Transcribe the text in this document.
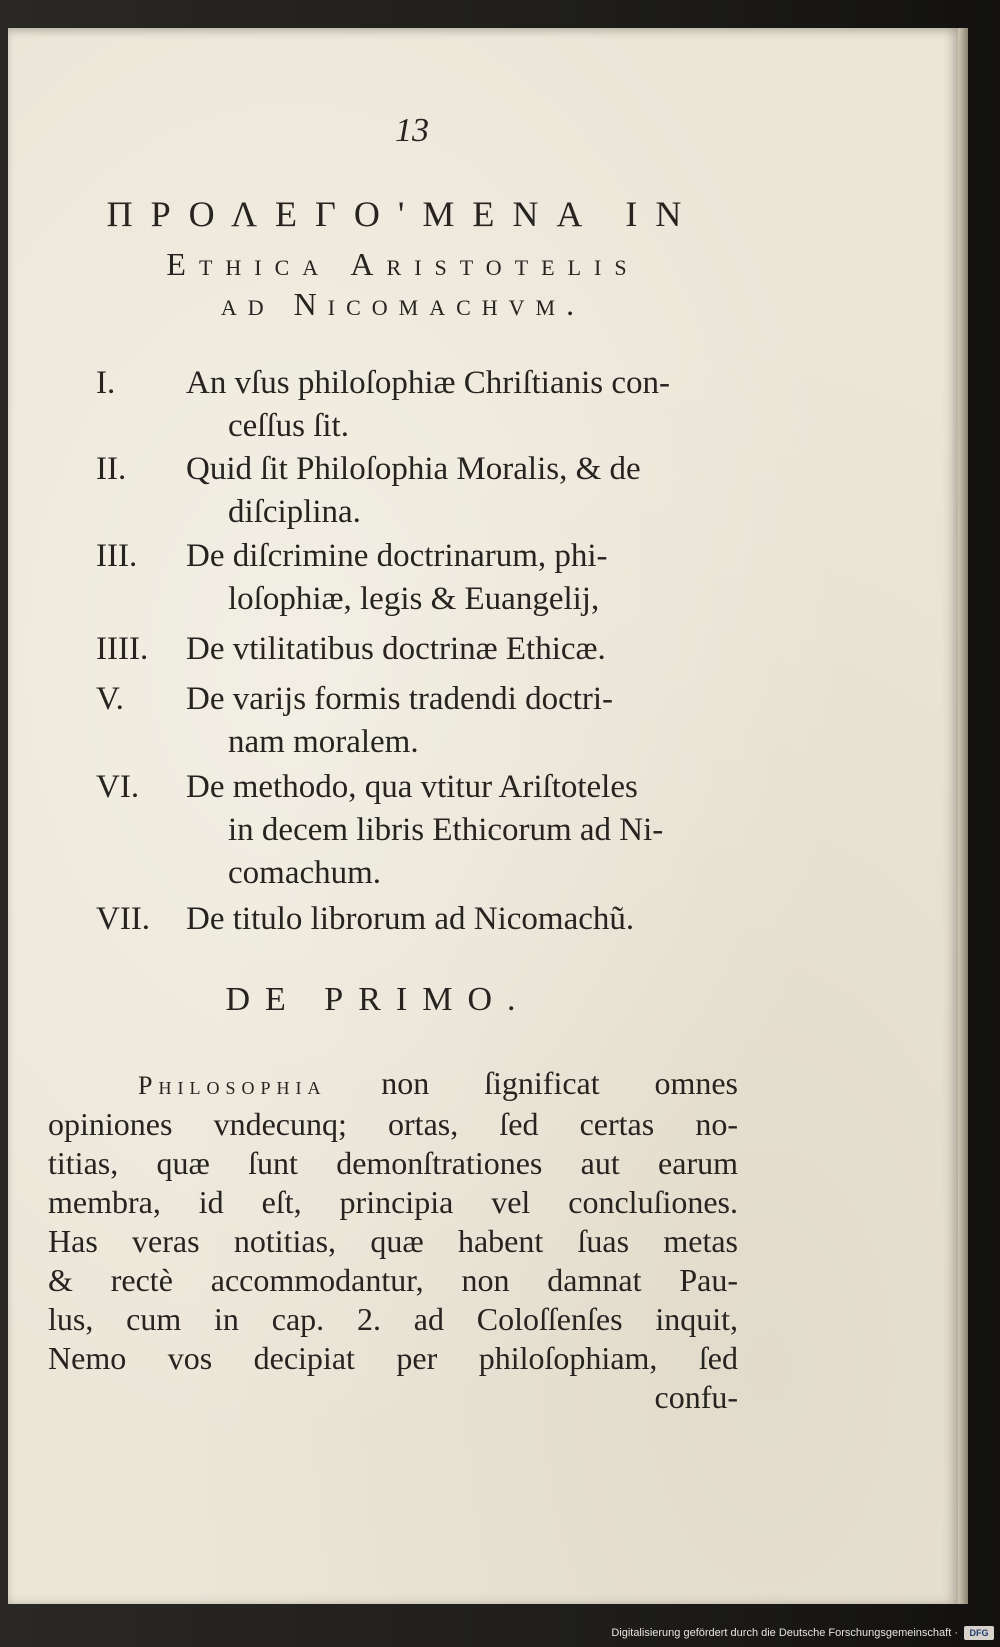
13
ΠΡΟΛΕΓΟ'ΜΕΝΑ IN
Ethica Aristotelis
ad Nicomachvm.
I.	An vſus philoſophiæ Chriſtianis con-
ceſſus ſit.
II.	Quid ſit Philoſophia Moralis, & de
diſciplina.
III.	De diſcrimine doctrinarum, phi-
loſophiæ, legis & Euangelij,
IIII.	De vtilitatibus doctrinæ Ethicæ.
V.	De varijs formis tradendi doctri-
nam moralem.
VI.	De methodo, qua vtitur Ariſtoteles
in decem libris Ethicorum ad Ni-
comachum.
VII.	De titulo librorum ad Nicomachũ.
DE PRIMO.
Philosophia non ſignificat omnes
opiniones vndecunq; ortas, ſed certas no-
titias, quæ ſunt demonſtrationes aut earum
membra, id eſt, principia vel concluſiones.
Has veras notitias, quæ habent ſuas metas
& rectè accommodantur, non damnat Pau-
lus, cum in cap. 2. ad Coloſſenſes inquit,
Nemo vos decipiat per philoſophiam, ſed
confu-
Digitalisierung gefördert durch die Deutsche Forschungsgemeinschaft ·	DFG
